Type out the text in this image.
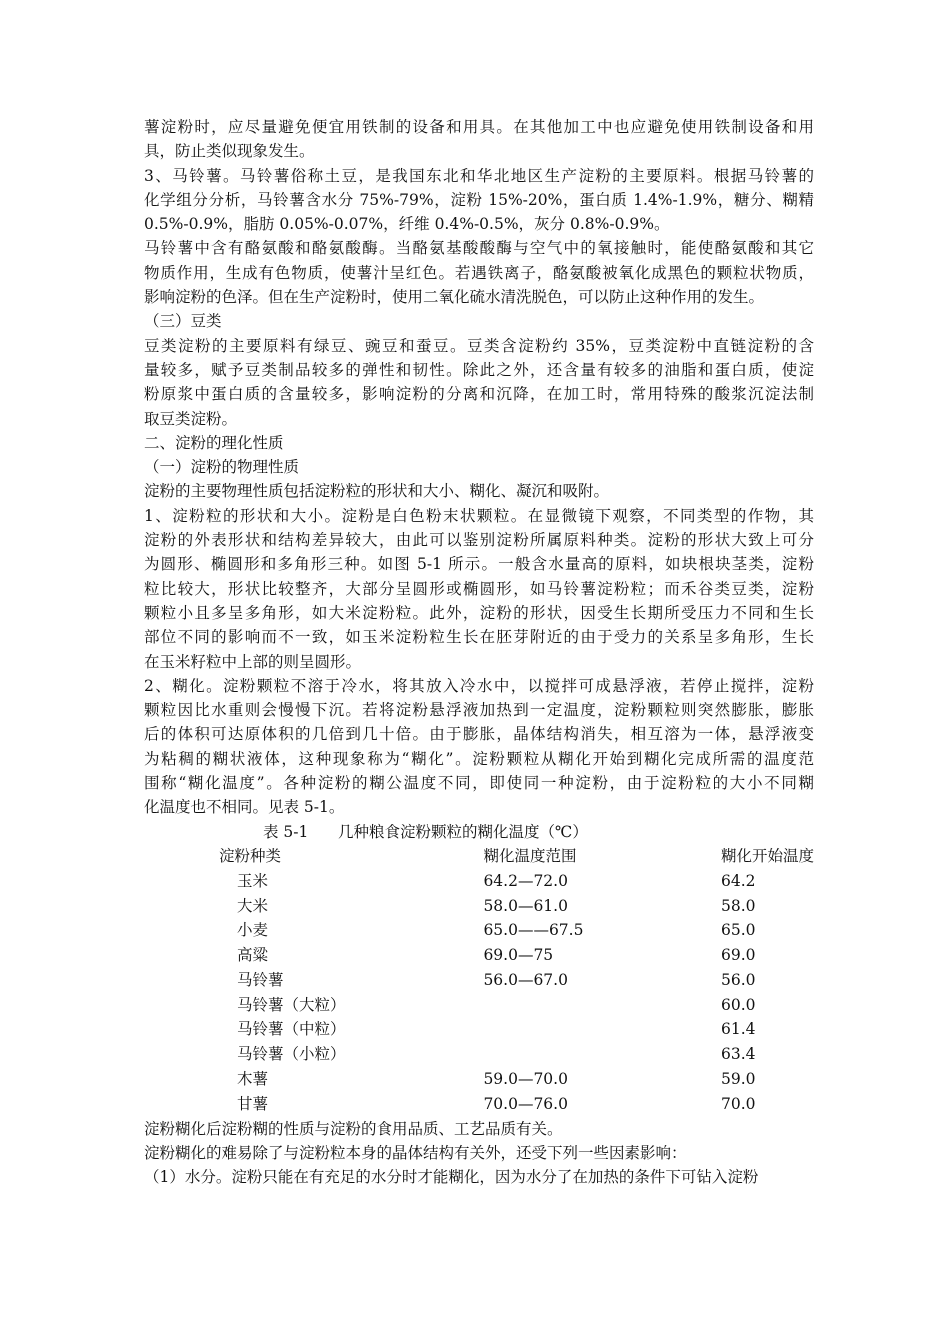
薯淀粉时，应尽量避免便宜用铁制的设备和用具。在其他加工中也应避免使用铁制设备和用
具，防止类似现象发生。
3、马铃薯。马铃薯俗称土豆，是我国东北和华北地区生产淀粉的主要原料。根据马铃薯的
化学组分分析，马铃薯含水分 75%-79%，淀粉 15%-20%，蛋白质 1.4%-1.9%，糖分、糊精
0.5%-0.9%，脂肪 0.05%-0.07%，纤维 0.4%-0.5%，灰分 0.8%-0.9%。
马铃薯中含有酪氨酸和酪氨酸酶。当酪氨基酸酸酶与空气中的氧接触时，能使酪氨酸和其它
物质作用，生成有色物质，使薯汁呈红色。若遇铁离子，酪氨酸被氧化成黑色的颗粒状物质，
影响淀粉的色泽。但在生产淀粉时，使用二氧化硫水清洗脱色，可以防止这种作用的发生。
（三）豆类
豆类淀粉的主要原料有绿豆、豌豆和蚕豆。豆类含淀粉约 35%，豆类淀粉中直链淀粉的含
量较多，赋予豆类制品较多的弹性和韧性。除此之外，还含量有较多的油脂和蛋白质，使淀
粉原浆中蛋白质的含量较多，影响淀粉的分离和沉降，在加工时，常用特殊的酸浆沉淀法制
取豆类淀粉。
二、淀粉的理化性质
（一）淀粉的物理性质
淀粉的主要物理性质包括淀粉粒的形状和大小、糊化、凝沉和吸附。
1、淀粉粒的形状和大小。淀粉是白色粉末状颗粒。在显微镜下观察，不同类型的作物，其
淀粉的外表形状和结构差异较大，由此可以鉴别淀粉所属原料种类。淀粉的形状大致上可分
为圆形、椭圆形和多角形三种。如图 5-1 所示。一般含水量高的原料，如块根块茎类，淀粉
粒比较大，形状比较整齐，大部分呈圆形或椭圆形，如马铃薯淀粉粒；而禾谷类豆类，淀粉
颗粒小且多呈多角形，如大米淀粉粒。此外，淀粉的形状，因受生长期所受压力不同和生长
部位不同的影响而不一致，如玉米淀粉粒生长在胚芽附近的由于受力的关系呈多角形，生长
在玉米籽粒中上部的则呈圆形。
2、糊化。淀粉颗粒不溶于冷水，将其放入冷水中，以搅拌可成悬浮液，若停止搅拌，淀粉
颗粒因比水重则会慢慢下沉。若将淀粉悬浮液加热到一定温度，淀粉颗粒则突然膨胀，膨胀
后的体积可达原体积的几倍到几十倍。由于膨胀，晶体结构消失，相互溶为一体，悬浮液变
为粘稠的糊状液体，这种现象称为“糊化”。淀粉颗粒从糊化开始到糊化完成所需的温度范
围称“糊化温度”。各种淀粉的糊公温度不同，即使同一种淀粉，由于淀粉粒的大小不同糊
化温度也不相同。见表 5-1。
表 5-1 几种粮食淀粉颗粒的糊化温度（℃）
淀粉种类	糊化温度范围	糊化开始温度
玉米	64.2—72.0	64.2
大米	58.0—61.0	58.0
小麦	65.0——67.5	65.0
高粱	69.0—75	69.0
马铃薯	56.0—67.0	56.0
马铃薯（大粒）		60.0
马铃薯（中粒）		61.4
马铃薯（小粒）		63.4
木薯	59.0—70.0	59.0
甘薯	70.0—76.0	70.0
淀粉糊化后淀粉糊的性质与淀粉的食用品质、工艺品质有关。
淀粉糊化的难易除了与淀粉粒本身的晶体结构有关外，还受下列一些因素影响：
（1）水分。淀粉只能在有充足的水分时才能糊化，因为水分了在加热的条件下可钻入淀粉
